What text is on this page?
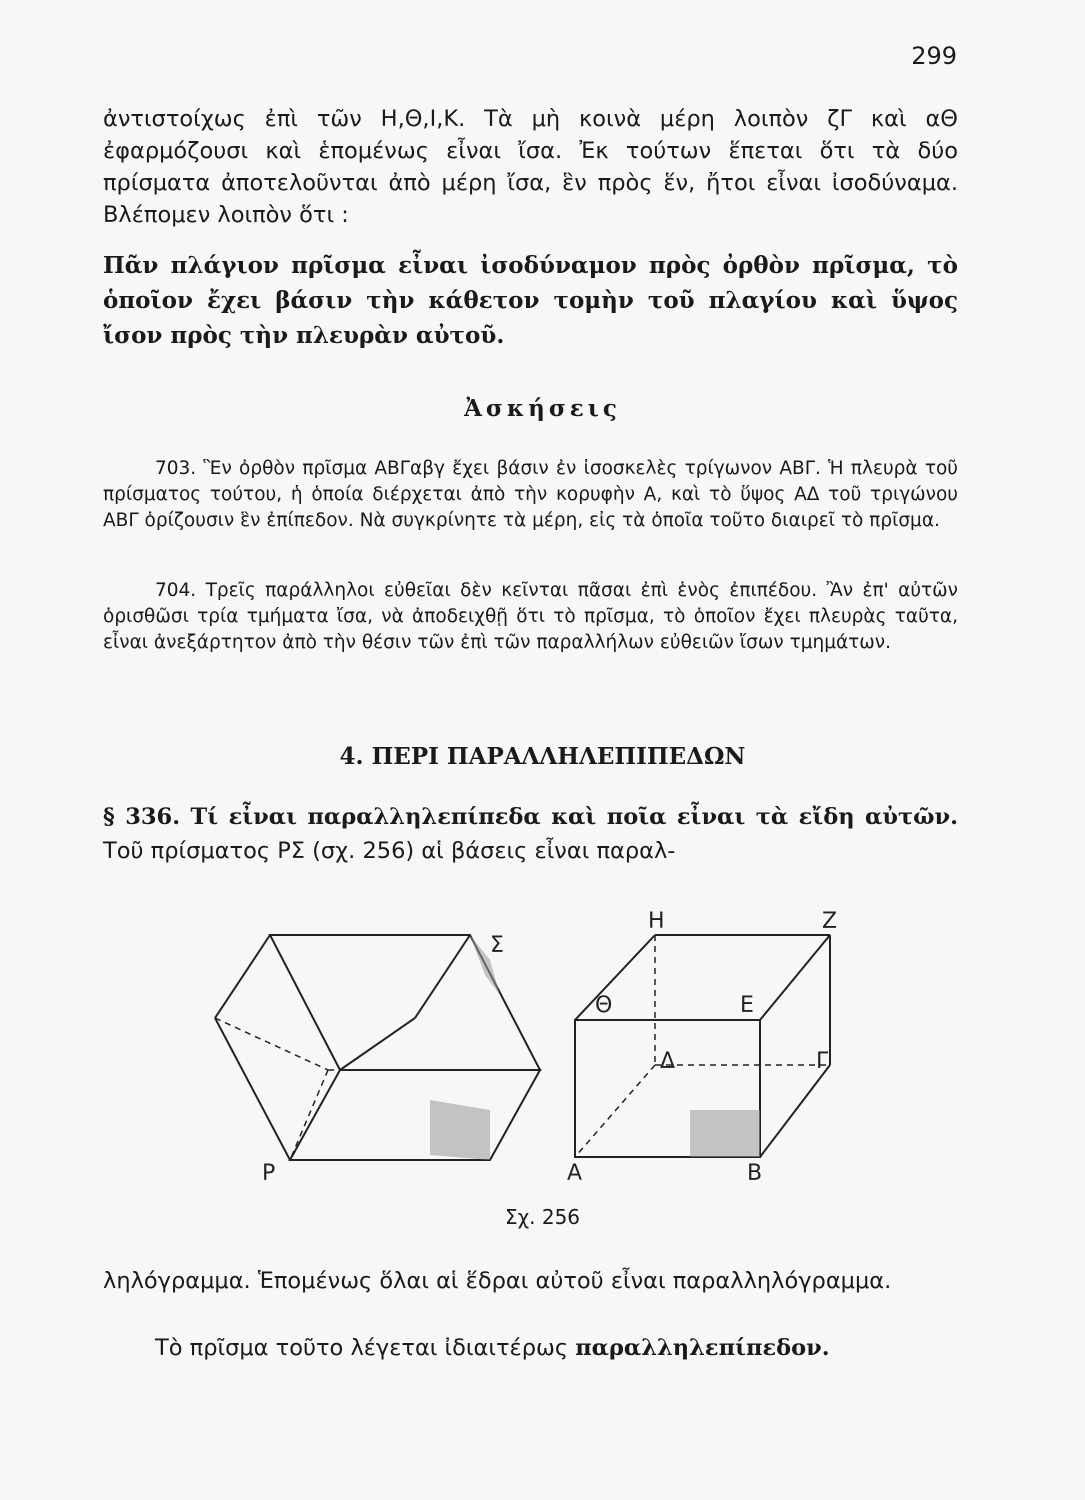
299
ἀντιστοίχως ἐπὶ τῶν Η,Θ,Ι,Κ. Τὰ μὴ κοινὰ μέρη λοιπὸν ζΓ καὶ αΘ ἐφαρμόζουσι καὶ ἑπομένως εἶναι ἴσα. Ἐκ τούτων ἕπεται ὅτι τὰ δύο πρίσματα ἀποτελοῦνται ἀπὸ μέρη ἴσα, ἓν πρὸς ἕν, ἤτοι εἶναι ἰσοδύναμα. Βλέπομεν λοιπὸν ὅτι :
Πᾶν πλάγιον πρῖσμα εἶναι ἰσοδύναμον πρὸς ὀρθὸν πρῖσμα, τὸ ὁποῖον ἔχει βάσιν τὴν κάθετον τομὴν τοῦ πλαγίου καὶ ὕψος ἴσον πρὸς τὴν πλευρὰν αὐτοῦ.
Ἀσκήσεις
703. Ἓν ὀρθὸν πρῖσμα ΑΒΓαβγ ἔχει βάσιν ἐν ἰσοσκελὲς τρίγωνον ΑΒΓ. Ἡ πλευρὰ τοῦ πρίσματος τούτου, ἡ ὁποία διέρχεται ἀπὸ τὴν κορυφὴν Α, καὶ τὸ ὕψος ΑΔ τοῦ τριγώνου ΑΒΓ ὁρίζουσιν ἓν ἐπίπεδον. Νὰ συγκρίνητε τὰ μέρη, εἰς τὰ ὁποῖα τοῦτο διαιρεῖ τὸ πρῖσμα.
704. Τρεῖς παράλληλοι εὐθεῖαι δὲν κεῖνται πᾶσαι ἐπὶ ἑνὸς ἐπιπέδου. Ἂν ἐπ' αὐτῶν ὁρισθῶσι τρία τμήματα ἴσα, νὰ ἀποδειχθῇ ὅτι τὸ πρῖσμα, τὸ ὁποῖον ἔχει πλευρὰς ταῦτα, εἶναι ἀνεξάρτητον ἀπὸ τὴν θέσιν τῶν ἐπὶ τῶν παραλλήλων εὐθειῶν ἴσων τμημάτων.
4. ΠΕΡΙ ΠΑΡΑΛΛΗΛΕΠΙΠΕΔΩΝ
§ 336. Τί εἶναι παραλληλεπίπεδα καὶ ποῖα εἶναι τὰ εἴδη αὐτῶν. Τοῦ πρίσματος ΡΣ (σχ. 256) αἱ βάσεις εἶναι παραλ-
Σ
Ρ
Η	Ζ
Θ	Ε
Δ	Γ
Α	Β
Σχ. 256
ληλόγραμμα. Ἑπομένως ὅλαι αἱ ἕδραι αὐτοῦ εἶναι παραλληλόγραμμα.
Τὸ πρῖσμα τοῦτο λέγεται ἰδιαιτέρως παραλληλεπίπεδον.
